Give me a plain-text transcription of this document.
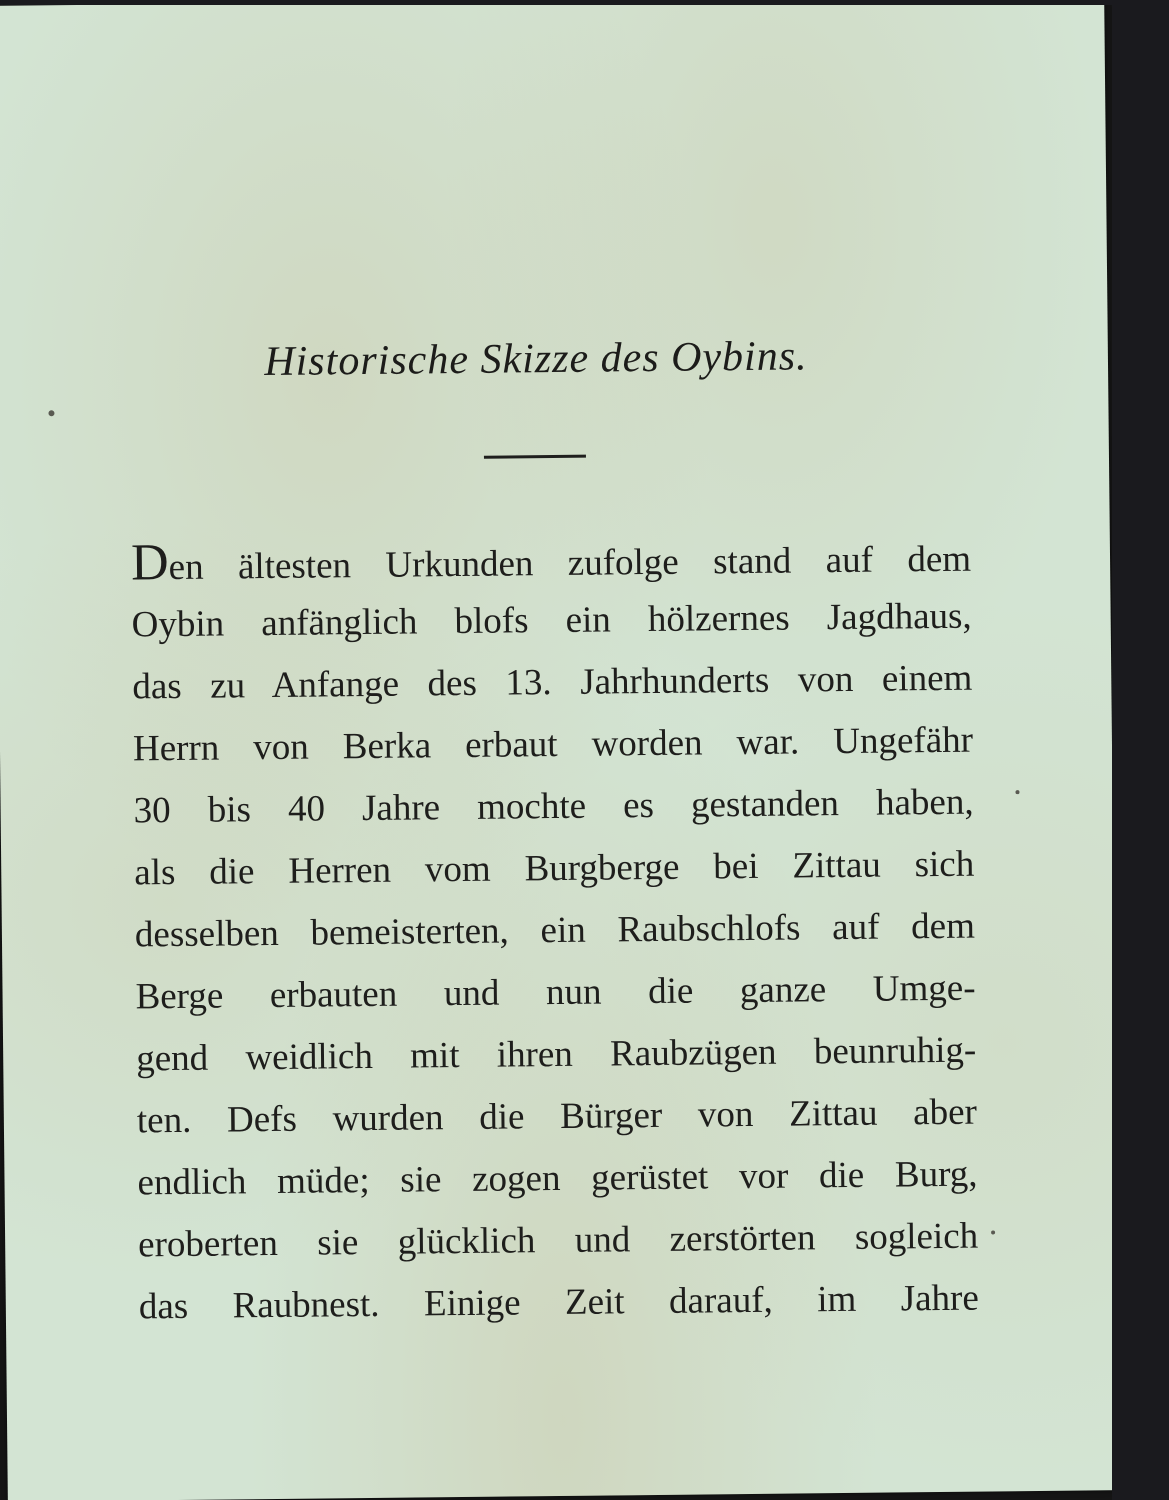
Historische Skizze des Oybins.
Den ältesten Urkunden zufolge stand auf dem
Oybin anfänglich blofs ein hölzernes Jagdhaus,
das zu Anfange des 13. Jahrhunderts von einem
Herrn von Berka erbaut worden war. Ungefähr
30 bis 40 Jahre mochte es gestanden haben,
als die Herren vom Burgberge bei Zittau sich
desselben bemeisterten, ein Raubschlofs auf dem
Berge erbauten und nun die ganze Umge-
gend weidlich mit ihren Raubzügen beunruhig-
ten. Defs wurden die Bürger von Zittau aber
endlich müde; sie zogen gerüstet vor die Burg,
eroberten sie glücklich und zerstörten sogleich
das Raubnest. Einige Zeit darauf, im Jahre
